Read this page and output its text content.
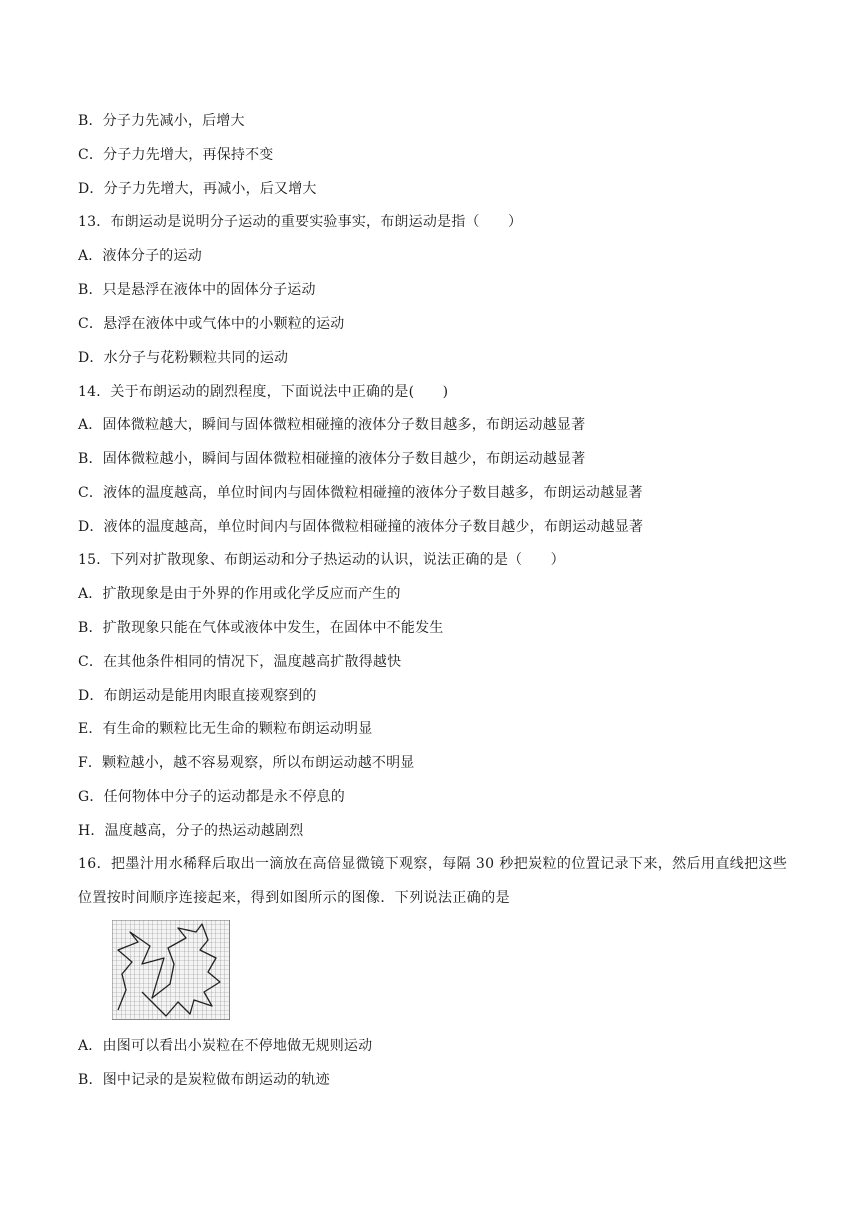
B．分子力先减小，后增大
C．分子力先增大，再保持不变
D．分子力先增大，再减小，后又增大
13．布朗运动是说明分子运动的重要实验事实，布朗运动是指（　　）
A．液体分子的运动
B．只是悬浮在液体中的固体分子运动
C．悬浮在液体中或气体中的小颗粒的运动
D．水分子与花粉颗粒共同的运动
14．关于布朗运动的剧烈程度，下面说法中正确的是(　　)
A．固体微粒越大，瞬间与固体微粒相碰撞的液体分子数目越多，布朗运动越显著
B．固体微粒越小，瞬间与固体微粒相碰撞的液体分子数目越少，布朗运动越显著
C．液体的温度越高，单位时间内与固体微粒相碰撞的液体分子数目越多，布朗运动越显著
D．液体的温度越高，单位时间内与固体微粒相碰撞的液体分子数目越少，布朗运动越显著
15．下列对扩散现象、布朗运动和分子热运动的认识，说法正确的是（　　）
A．扩散现象是由于外界的作用或化学反应而产生的
B．扩散现象只能在气体或液体中发生，在固体中不能发生
C．在其他条件相同的情况下，温度越高扩散得越快
D．布朗运动是能用肉眼直接观察到的
E．有生命的颗粒比无生命的颗粒布朗运动明显
F．颗粒越小，越不容易观察，所以布朗运动越不明显
G．任何物体中分子的运动都是永不停息的
H．温度越高，分子的热运动越剧烈
16．把墨汁用水稀释后取出一滴放在高倍显微镜下观察，每隔 30 秒把炭粒的位置记录下来，然后用直线把这些位置按时间顺序连接起来，得到如图所示的图像．下列说法正确的是
A．由图可以看出小炭粒在不停地做无规则运动
B．图中记录的是炭粒做布朗运动的轨迹
